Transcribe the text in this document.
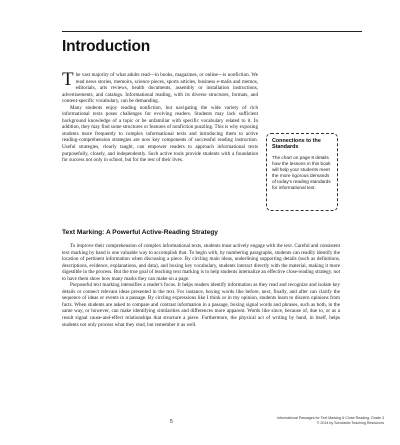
Introduction

The vast majority of what adults read—in books, magazines, or online—is nonfiction. We read news stories, memoirs, science pieces, sports articles, business e-mails and memos, editorials, arts reviews, health documents, assembly or installation instructions, advertisements, and catalogs. Informational reading, with its diverse structures, formats, and content-specific vocabulary, can be demanding.

Many students enjoy reading nonfiction, but navigating the wide variety of rich informational texts poses challenges for evolving readers. Students may lack sufficient background knowledge of a topic or be unfamiliar with specific vocabulary related to it. In addition, they may find some structures or features of nonfiction puzzling. This is why exposing students more frequently to complex informational texts and introducing them to active reading-comprehension strategies are now key components of successful reading instruction. Useful strategies, clearly taught, can empower readers to approach informational texts purposefully, closely, and independently. Such active tools provide students with a foundation for success not only in school, but for the rest of their lives.

Connections to the Standards

The chart on page 8 details how the lessons in this book will help your students meet the more rigorous demands of today's reading standards for informational text.

Text Marking: A Powerful Active-Reading Strategy

To improve their comprehension of complex informational texts, students must actively engage with the text. Careful and consistent text marking by hand is one valuable way to accomplish that. To begin with, by numbering paragraphs, students can readily identify the location of pertinent information when discussing a piece. By circling main ideas, underlining supporting details (such as definitions, descriptions, evidence, explanations, and data), and boxing key vocabulary, students interact directly with the material, making it more digestible in the process. But the true goal of teaching text marking is to help students internalize an effective close-reading strategy, not to have them show how many marks they can make on a page.

Purposeful text marking intensifies a reader's focus. It helps readers identify information as they read and recognize and isolate key details or connect relevant ideas presented in the text. For instance, boxing words like before, next, finally, and after can clarify the sequence of ideas or events in a passage. By circling expressions like I think or in my opinion, students learn to discern opinions from facts. When students are asked to compare and contrast information in a passage, boxing signal words and phrases, such as both, in the same way, or however, can make identifying similarities and differences more apparent. Words like since, because of, due to, or as a result signal cause-and-effect relationships that structure a piece. Furthermore, the physical act of writing by hand, in itself, helps students not only process what they read, but remember it as well.

5
Informational Passages for Text Marking & Close Reading: Grade 3
© 2014 by Scholastic Teaching Resources
